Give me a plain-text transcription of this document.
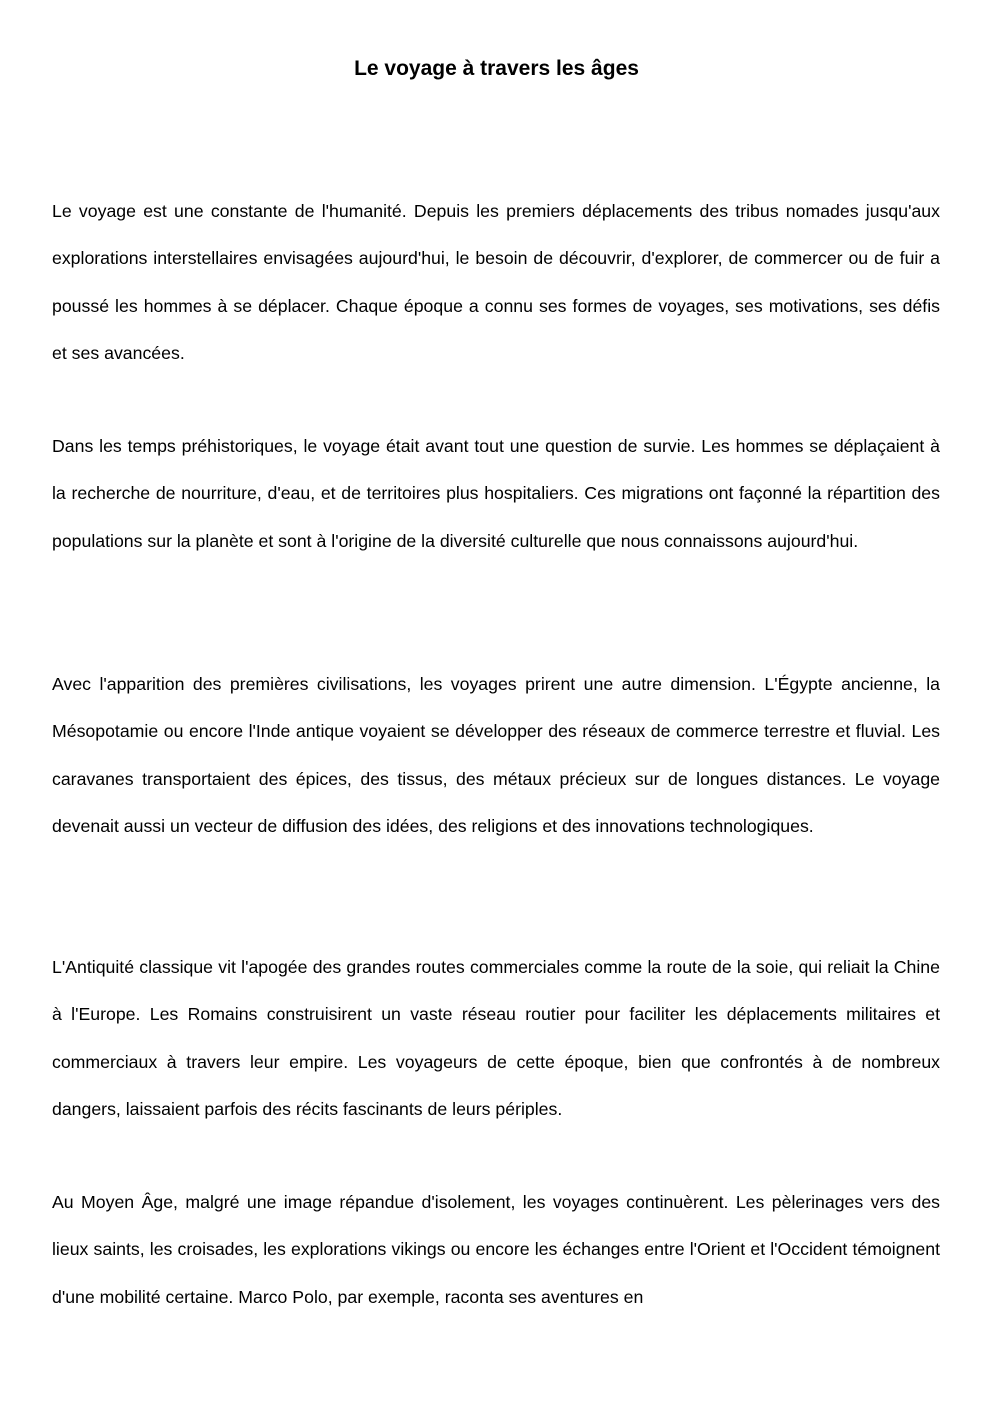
Le voyage à travers les âges

Le voyage est une constante de l'humanité. Depuis les premiers déplacements des tribus nomades jusqu'aux explorations interstellaires envisagées aujourd'hui, le besoin de découvrir, d'explorer, de commercer ou de fuir a poussé les hommes à se déplacer. Chaque époque a connu ses formes de voyages, ses motivations, ses défis et ses avancées.

Dans les temps préhistoriques, le voyage était avant tout une question de survie. Les hommes se déplaçaient à la recherche de nourriture, d'eau, et de territoires plus hospitaliers. Ces migrations ont façonné la répartition des populations sur la planète et sont à l'origine de la diversité culturelle que nous connaissons aujourd'hui.

Avec l'apparition des premières civilisations, les voyages prirent une autre dimension. L'Égypte ancienne, la Mésopotamie ou encore l'Inde antique voyaient se développer des réseaux de commerce terrestre et fluvial. Les caravanes transportaient des épices, des tissus, des métaux précieux sur de longues distances. Le voyage devenait aussi un vecteur de diffusion des idées, des religions et des innovations technologiques.

L'Antiquité classique vit l'apogée des grandes routes commerciales comme la route de la soie, qui reliait la Chine à l'Europe. Les Romains construisirent un vaste réseau routier pour faciliter les déplacements militaires et commerciaux à travers leur empire. Les voyageurs de cette époque, bien que confrontés à de nombreux dangers, laissaient parfois des récits fascinants de leurs périples.

Au Moyen Âge, malgré une image répandue d'isolement, les voyages continuèrent. Les pèlerinages vers des lieux saints, les croisades, les explorations vikings ou encore les échanges entre l'Orient et l'Occident témoignent d'une mobilité certaine. Marco Polo, par exemple, raconta ses aventures en
